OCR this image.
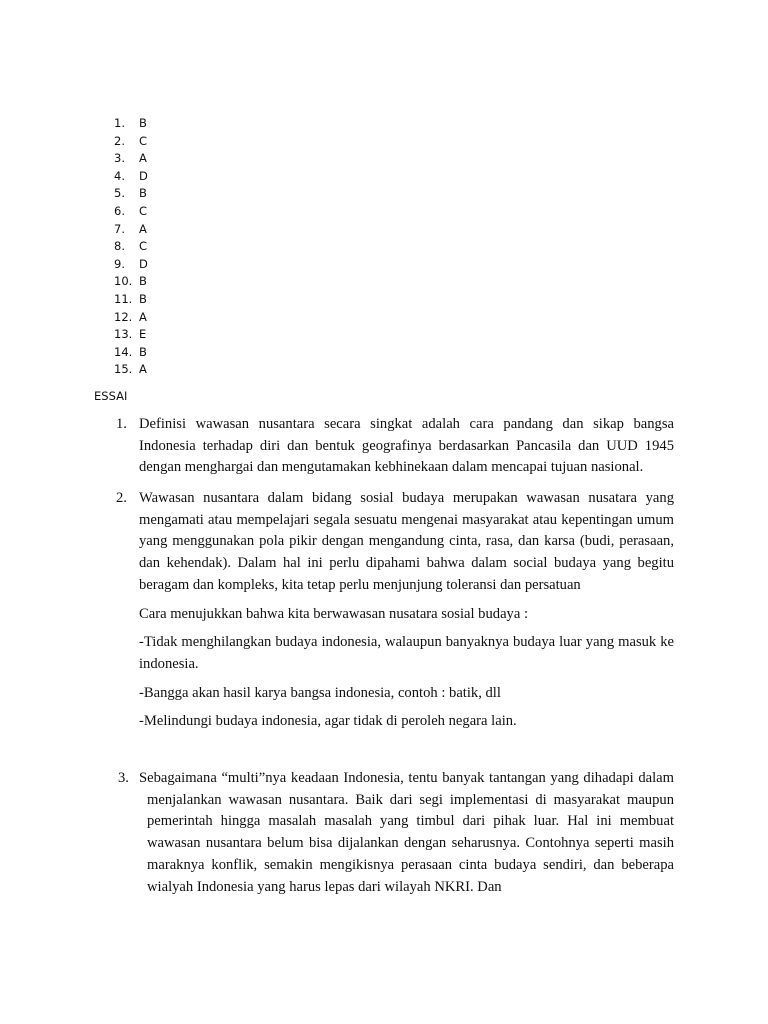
1.	B
2.	C
3.	A
4.	D
5.	B
6.	C
7.	A
8.	C
9.	D
10. B
11. B
12. A
13. E
14. B
15. A
ESSAI
1. Definisi wawasan nusantara secara singkat adalah cara pandang dan sikap bangsa Indonesia terhadap diri dan bentuk geografinya berdasarkan Pancasila dan UUD 1945 dengan menghargai dan mengutamakan kebhinekaan dalam mencapai tujuan nasional.

2. Wawasan nusantara dalam bidang sosial budaya merupakan wawasan nusatara yang mengamati atau mempelajari segala sesuatu mengenai masyarakat atau kepentingan umum yang menggunakan pola pikir dengan mengandung cinta, rasa, dan karsa (budi, perasaan, dan kehendak). Dalam hal ini perlu dipahami bahwa dalam social budaya yang begitu beragam dan kompleks, kita tetap perlu menjunjung toleransi dan persatuan

Cara menujukkan bahwa kita berwawasan nusatara sosial budaya :

-Tidak menghilangkan budaya indonesia, walaupun banyaknya budaya luar yang masuk ke indonesia.

-Bangga akan hasil karya bangsa indonesia, contoh : batik, dll

-Melindungi budaya indonesia, agar tidak di peroleh negara lain.

3. Sebagaimana “multi”nya keadaan Indonesia, tentu banyak tantangan yang dihadapi dalam menjalankan wawasan nusantara. Baik dari segi implementasi di masyarakat maupun pemerintah hingga masalah masalah yang timbul dari pihak luar. Hal ini membuat wawasan nusantara belum bisa dijalankan dengan seharusnya. Contohnya seperti masih maraknya konflik, semakin mengikisnya perasaan cinta budaya sendiri, dan beberapa wialyah Indonesia yang harus lepas dari wilayah NKRI. Dan
